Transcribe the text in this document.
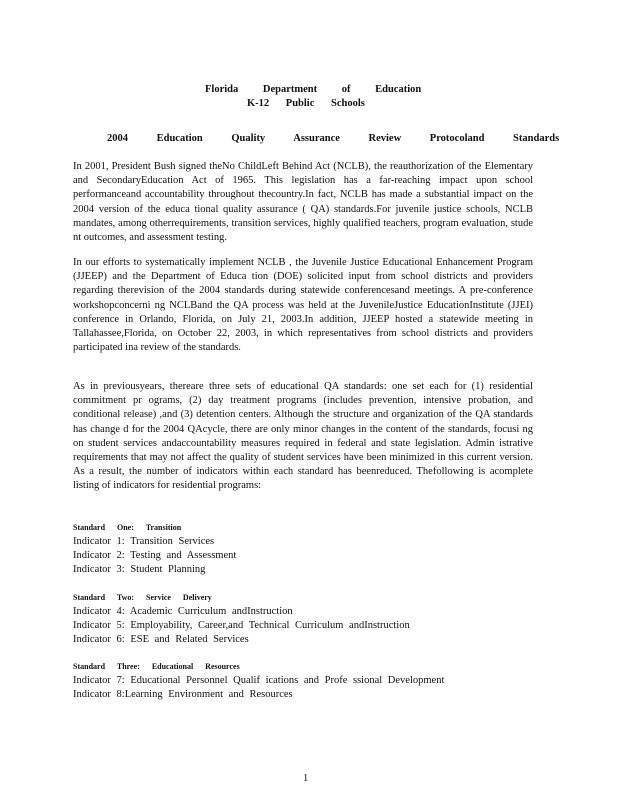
Florida Department of Education
K-12 Public Schools
2004 Education Quality Assurance Review Protocoland Standards
In 2001, President Bush signed theNo ChildLeft Behind Act (NCLB), the reauthorization of the Elementary and SecondaryEducation Act of 1965. This legislation has a far-reaching impact upon school performanceand accountability throughout thecountry.In fact, NCLB has made a substantial impact on the 2004 version of the educa tional quality assurance ( QA) standards.For juvenile justice schools, NCLB mandates, among otherrequirements, transition services, highly qualified teachers, program evaluation, stude nt outcomes, and assessment testing.
In our efforts to systematically implement NCLB , the Juvenile Justice Educational Enhancement Program (JJEEP) and the Department of Educa tion (DOE) solicited input from school districts and providers regarding therevision of the 2004 standards during statewide conferencesand meetings. A pre-conference workshopconcerni ng NCLBand the QA process was held at the JuvenileJustice EducationInstitute (JJEI) conference in Orlando, Florida, on July 21, 2003.In addition, JJEEP hosted a statewide meeting in Tallahassee,Florida, on October 22, 2003, in which representatives from school districts and providers participated ina review of the standards.
As in previousyears, thereare three sets of educational QA standards: one set each for (1) residential commitment pr ograms, (2) day treatment programs (includes prevention, intensive probation, and conditional release) ,and (3) detention centers. Although the structure and organization of the QA standards has change d for the 2004 QAcycle, there are only minor changes in the content of the standards, focusi ng on student services andaccountability measures required in federal and state legislation. Admin istrative requirements that may not affect the quality of student services have been minimized in this current version. As a result, the number of indicators within each standard has beenreduced. Thefollowing is acomplete listing of indicators for residential programs:
Standard One: Transition
Indicator 1: Transition Services
Indicator 2: Testing and Assessment
Indicator 3: Student Planning
Standard Two: Service Delivery
Indicator 4: Academic Curriculum andInstruction
Indicator 5: Employability, Career,and Technical Curriculum andInstruction
Indicator 6: ESE and Related Services
Standard Three: Educational Resources
Indicator 7: Educational Personnel Qualif ications and Profe ssional Development
Indicator 8:Learning Environment and Resources
1
